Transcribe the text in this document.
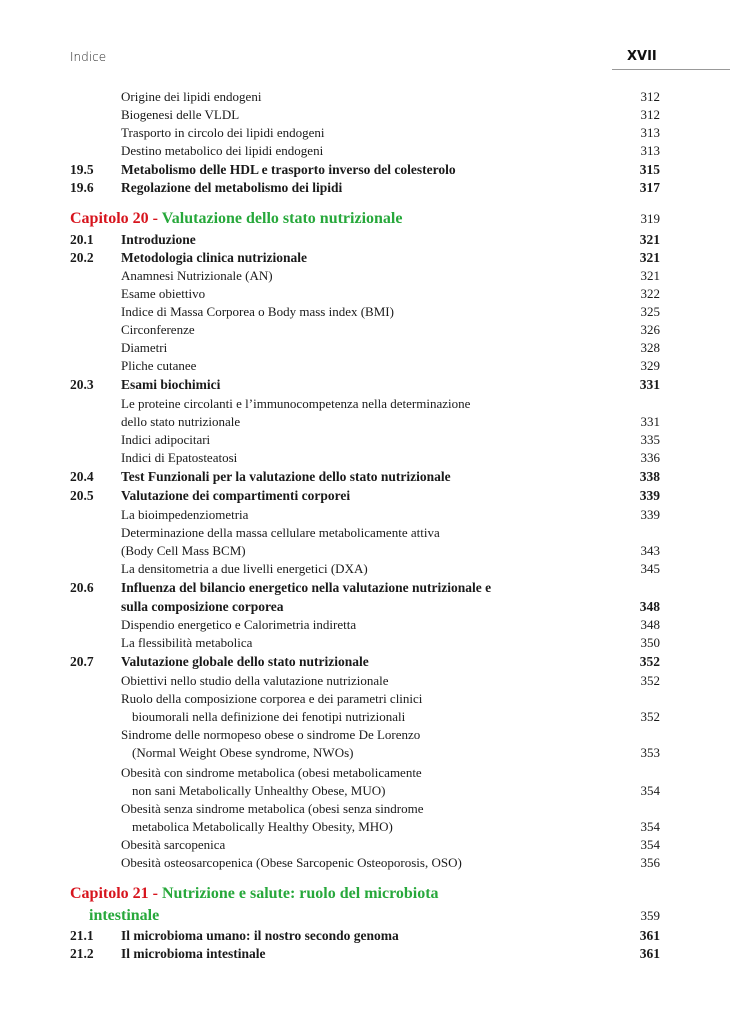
Indice	XVII
Origine dei lipidi endogeni	312
Biogenesi delle VLDL	312
Trasporto in circolo dei lipidi endogeni	313
Destino metabolico dei lipidi endogeni	313
19.5 Metabolismo delle HDL e trasporto inverso del colesterolo	315
19.6 Regolazione del metabolismo dei lipidi	317
Capitolo 20 - Valutazione dello stato nutrizionale	319
20.1 Introduzione	321
20.2 Metodologia clinica nutrizionale	321
Anamnesi Nutrizionale (AN)	321
Esame obiettivo	322
Indice di Massa Corporea o Body mass index (BMI)	325
Circonferenze	326
Diametri	328
Pliche cutanee	329
20.3 Esami biochimici	331
Le proteine circolanti e l’immunocompetenza nella determinazione
dello stato nutrizionale	331
Indici adipocitari	335
Indici di Epatosteatosi	336
20.4 Test Funzionali per la valutazione dello stato nutrizionale	338
20.5 Valutazione dei compartimenti corporei	339
La bioimpedenziometria	339
Determinazione della massa cellulare metabolicamente attiva
(Body Cell Mass BCM)	343
La densitometria a due livelli energetici (DXA)	345
20.6 Influenza del bilancio energetico nella valutazione nutrizionale e
sulla composizione corporea	348
Dispendio energetico e Calorimetria indiretta	348
La flessibilità metabolica	350
20.7 Valutazione globale dello stato nutrizionale	352
Obiettivi nello studio della valutazione nutrizionale	352
Ruolo della composizione corporea e dei parametri clinici
bioumorali nella definizione dei fenotipi nutrizionali	352
Sindrome delle normopeso obese o sindrome De Lorenzo
(Normal Weight Obese syndrome, NWOs)	353
Obesità con sindrome metabolica (obesi metabolicamente
non sani Metabolically Unhealthy Obese, MUO)	354
Obesità senza sindrome metabolica (obesi senza sindrome
metabolica Metabolically Healthy Obesity, MHO)	354
Obesità sarcopenica	354
Obesità osteosarcopenica (Obese Sarcopenic Osteoporosis, OSO)	356
Capitolo 21 - Nutrizione e salute: ruolo del microbiota
intestinale	359
21.1 Il microbioma umano: il nostro secondo genoma	361
21.2 Il microbioma intestinale	361
